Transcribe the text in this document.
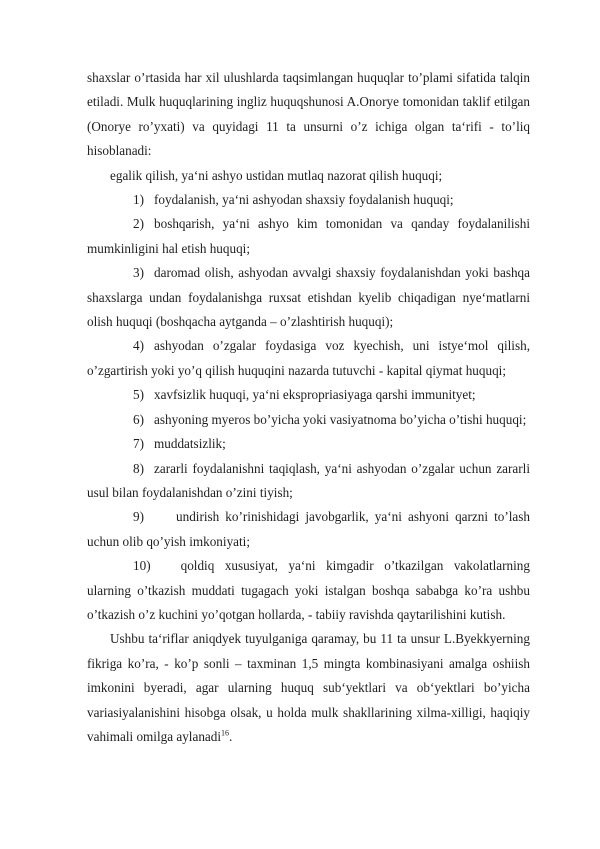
shaxslar o’rtasida har xil ulushlarda taqsimlangan huquqlar to’plami sifatida talqin etiladi. Mulk huquqlarining ingliz huquqshunosi A.Onorye tomonidan taklif etilgan (Onorye ro’yxati) va quyidagi 11 ta unsurni o’z ichiga olgan ta‘rifi - to’liq hisoblanadi:

egalik qilish, ya‘ni ashyo ustidan mutlaq nazorat qilish huquqi;

1) foydalanish, ya‘ni ashyodan shaxsiy foydalanish huquqi;

2) boshqarish, ya‘ni ashyo kim tomonidan va qanday foydalanilishi mumkinligini hal etish huquqi;

3) daromad olish, ashyodan avvalgi shaxsiy foydalanishdan yoki bashqa shaxslarga undan foydalanishga ruxsat etishdan kyelib chiqadigan nye‘matlarni olish huquqi (boshqacha aytganda – o’zlashtirish huquqi);

4) ashyodan o’zgalar foydasiga voz kyechish, uni istye‘mol qilish, o’zgartirish yoki yo’q qilish huquqini nazarda tutuvchi - kapital qiymat huquqi;

5) xavfsizlik huquqi, ya‘ni ekspropriasiyaga qarshi immunityet;

6) ashyoning myeros bo’yicha yoki vasiyatnoma bo’yicha o’tishi huquqi;

7) muddatsizlik;

8) zararli foydalanishni taqiqlash, ya‘ni ashyodan o’zgalar uchun zararli usul bilan foydalanishdan o’zini tiyish;

9) undirish ko’rinishidagi javobgarlik, ya‘ni ashyoni qarzni to’lash uchun olib qo’yish imkoniyati;

10) qoldiq xususiyat, ya‘ni kimgadir o’tkazilgan vakolatlarning ularning o’tkazish muddati tugagach yoki istalgan boshqa sababga ko’ra ushbu o’tkazish o’z kuchini yo’qotgan hollarda, - tabiiy ravishda qaytarilishini kutish.

Ushbu ta‘riflar aniqdyek tuyulganiga qaramay, bu 11 ta unsur L.Byekkyerning fikriga ko’ra, - ko’p sonli – taxminan 1,5 mingta kombinasiyani amalga oshiish imkonini byeradi, agar ularning huquq sub‘yektlari va ob‘yektlari bo’yicha variasiyalanishini hisobga olsak, u holda mulk shakllarining xilma-xilligi, haqiqiy vahimali omilga aylanadi$^{16}$.
